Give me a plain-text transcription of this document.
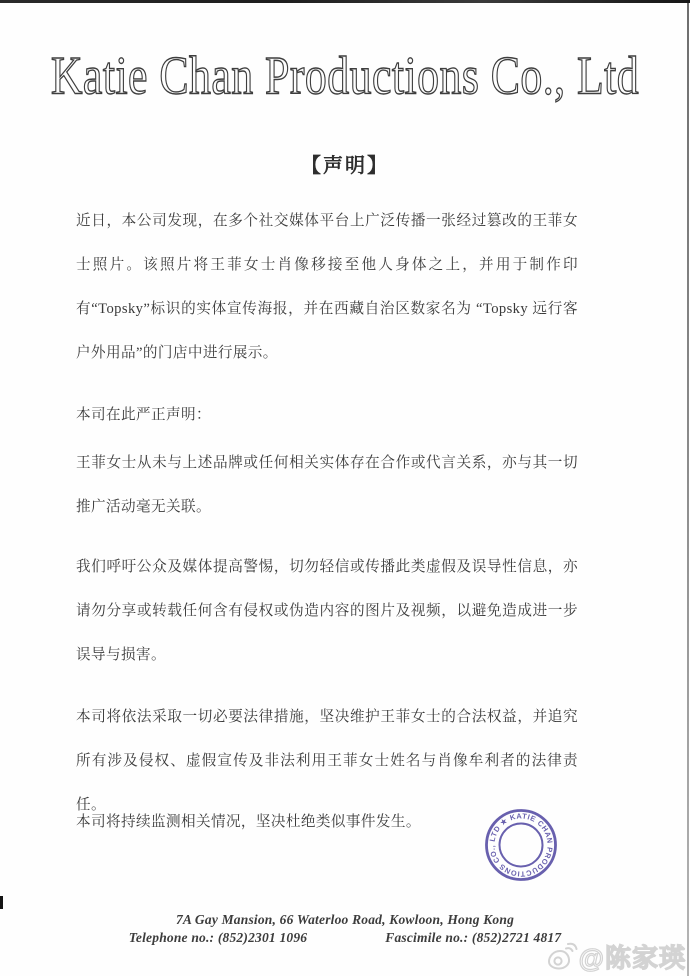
Katie Chan Productions Co., Ltd
【声明】
近日，本公司发现，在多个社交媒体平台上广泛传播一张经过篡改的王菲女士照片。该照片将王菲女士肖像移接至他人身体之上，并用于制作印有“Topsky”标识的实体宣传海报，并在西藏自治区数家名为 “Topsky 远行客户外用品”的门店中进行展示。
本司在此严正声明：
王菲女士从未与上述品牌或任何相关实体存在合作或代言关系，亦与其一切推广活动毫无关联。
我们呼吁公众及媒体提高警惕，切勿轻信或传播此类虚假及误导性信息，亦请勿分享或转载任何含有侵权或伪造内容的图片及视频，以避免造成进一步误导与损害。
本司将依法采取一切必要法律措施，坚决维护王菲女士的合法权益，并追究所有涉及侵权、虚假宣传及非法利用王菲女士姓名与肖像牟利者的法律责任。
本司将持续监测相关情况，坚决杜绝类似事件发生。	★ KATIE CHAN PRODUCTIONS CO., LTD
7A Gay Mansion, 66 Waterloo Road, Kowloon, Hong Kong
Telephone no.: (852)2301 1096	Fascimile no.: (852)2721 4817
@陈家瑛
